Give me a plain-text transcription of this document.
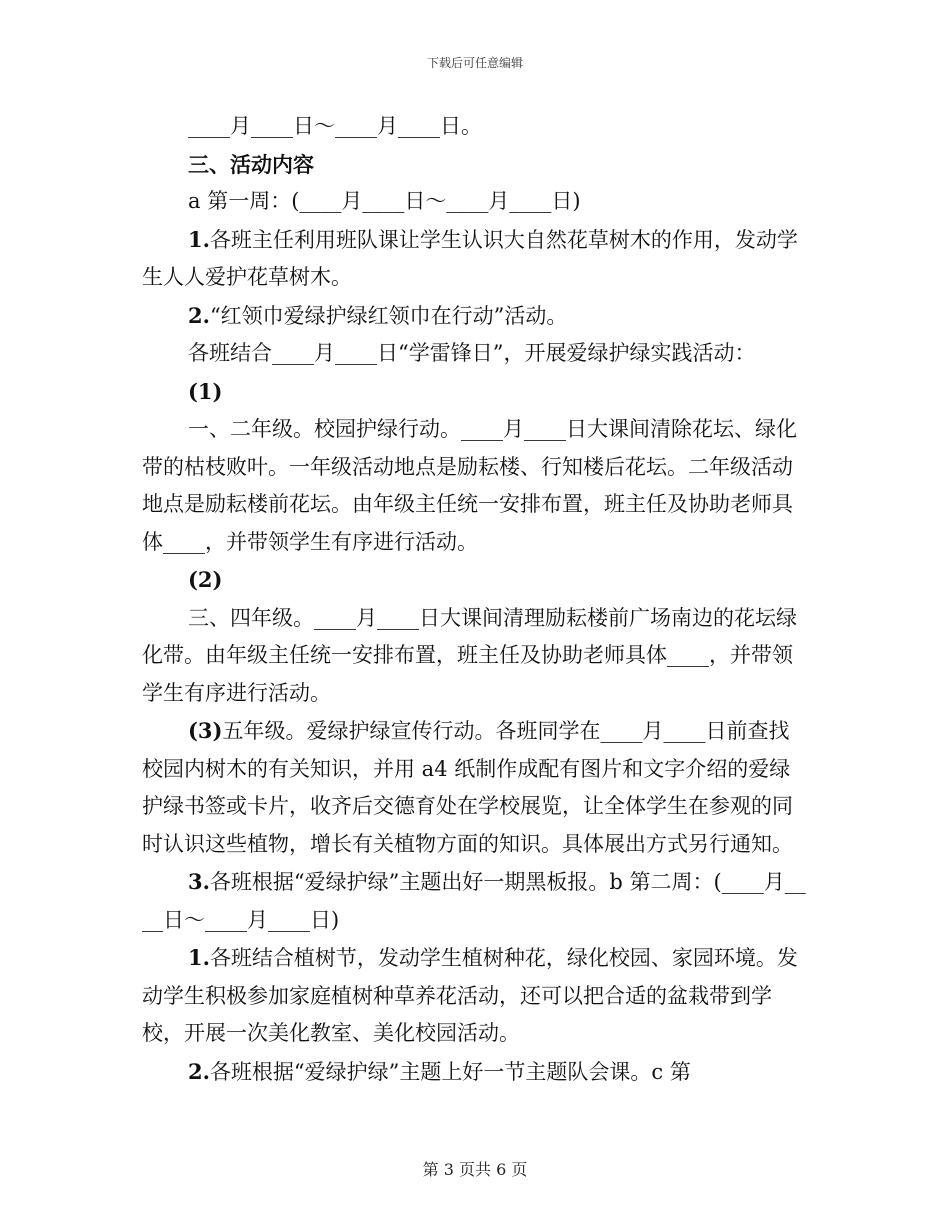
下载后可任意编辑

____月____日～____月____日。

三、活动内容

a 第一周：(____月____日～____月____日)

1.各班主任利用班队课让学生认识大自然花草树木的作用，发动学生人人爱护花草树木。

2.“红领巾爱绿护绿红领巾在行动”活动。

各班结合____月____日“学雷锋日”，开展爱绿护绿实践活动：

(1)

一、二年级。校园护绿行动。____月____日大课间清除花坛、绿化带的枯枝败叶。一年级活动地点是励耘楼、行知楼后花坛。二年级活动地点是励耘楼前花坛。由年级主任统一安排布置，班主任及协助老师具体____，并带领学生有序进行活动。

(2)

三、四年级。____月____日大课间清理励耘楼前广场南边的花坛绿化带。由年级主任统一安排布置，班主任及协助老师具体____，并带领学生有序进行活动。

(3)五年级。爱绿护绿宣传行动。各班同学在____月____日前查找校园内树木的有关知识，并用 a4 纸制作成配有图片和文字介绍的爱绿护绿书签或卡片，收齐后交德育处在学校展览，让全体学生在参观的同时认识这些植物，增长有关植物方面的知识。具体展出方式另行通知。

3.各班根据“爱绿护绿”主题出好一期黑板报。b 第二周：(____月____日～____月____日)

1.各班结合植树节，发动学生植树种花，绿化校园、家园环境。发动学生积极参加家庭植树种草养花活动，还可以把合适的盆栽带到学校，开展一次美化教室、美化校园活动。

2.各班根据“爱绿护绿”主题上好一节主题队会课。c 第

第 3 页共 6 页
